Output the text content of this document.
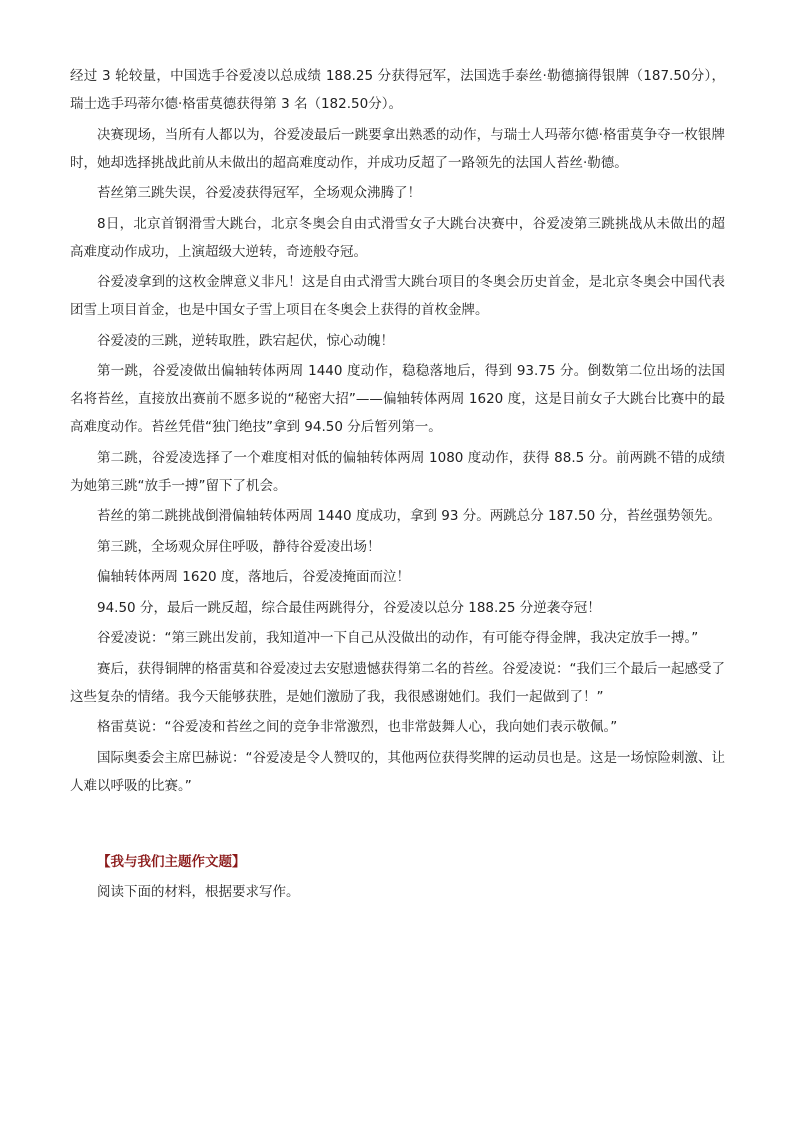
经过 3 轮较量，中国选手谷爱凌以总成绩 188.25 分获得冠军，法国选手泰丝·勒德摘得银牌（187.50分），瑞士选手玛蒂尔德·格雷莫德获得第 3 名（182.50分）。

决赛现场，当所有人都以为，谷爱凌最后一跳要拿出熟悉的动作，与瑞士人玛蒂尔德·格雷莫争夺一枚银牌时，她却选择挑战此前从未做出的超高难度动作，并成功反超了一路领先的法国人苔丝·勒德。

苔丝第三跳失误，谷爱凌获得冠军，全场观众沸腾了！

8日，北京首钢滑雪大跳台，北京冬奥会自由式滑雪女子大跳台决赛中，谷爱凌第三跳挑战从未做出的超高难度动作成功，上演超级大逆转，奇迹般夺冠。

谷爱凌拿到的这枚金牌意义非凡！这是自由式滑雪大跳台项目的冬奥会历史首金，是北京冬奥会中国代表团雪上项目首金，也是中国女子雪上项目在冬奥会上获得的首枚金牌。

谷爱凌的三跳，逆转取胜，跌宕起伏，惊心动魄！

第一跳，谷爱凌做出偏轴转体两周 1440 度动作，稳稳落地后，得到 93.75 分。倒数第二位出场的法国名将苔丝，直接放出赛前不愿多说的“秘密大招”——偏轴转体两周 1620 度，这是目前女子大跳台比赛中的最高难度动作。苔丝凭借“独门绝技”拿到 94.50 分后暂列第一。

第二跳，谷爱凌选择了一个难度相对低的偏轴转体两周 1080 度动作，获得 88.5 分。前两跳不错的成绩为她第三跳“放手一搏”留下了机会。

苔丝的第二跳挑战倒滑偏轴转体两周 1440 度成功，拿到 93 分。两跳总分 187.50 分，苔丝强势领先。

第三跳，全场观众屏住呼吸，静待谷爱凌出场！

偏轴转体两周 1620 度，落地后，谷爱凌掩面而泣！

94.50 分，最后一跳反超，综合最佳两跳得分，谷爱凌以总分 188.25 分逆袭夺冠！

谷爱凌说：“第三跳出发前，我知道冲一下自己从没做出的动作，有可能夺得金牌，我决定放手一搏。”

赛后，获得铜牌的格雷莫和谷爱凌过去安慰遗憾获得第二名的苔丝。谷爱凌说：“我们三个最后一起感受了这些复杂的情绪。我今天能够获胜，是她们激励了我，我很感谢她们。我们一起做到了！”

格雷莫说：“谷爱凌和苔丝之间的竞争非常激烈，也非常鼓舞人心，我向她们表示敬佩。”

国际奥委会主席巴赫说：“谷爱凌是令人赞叹的，其他两位获得奖牌的运动员也是。这是一场惊险刺激、让人难以呼吸的比赛。”

【我与我们主题作文题】

阅读下面的材料，根据要求写作。
